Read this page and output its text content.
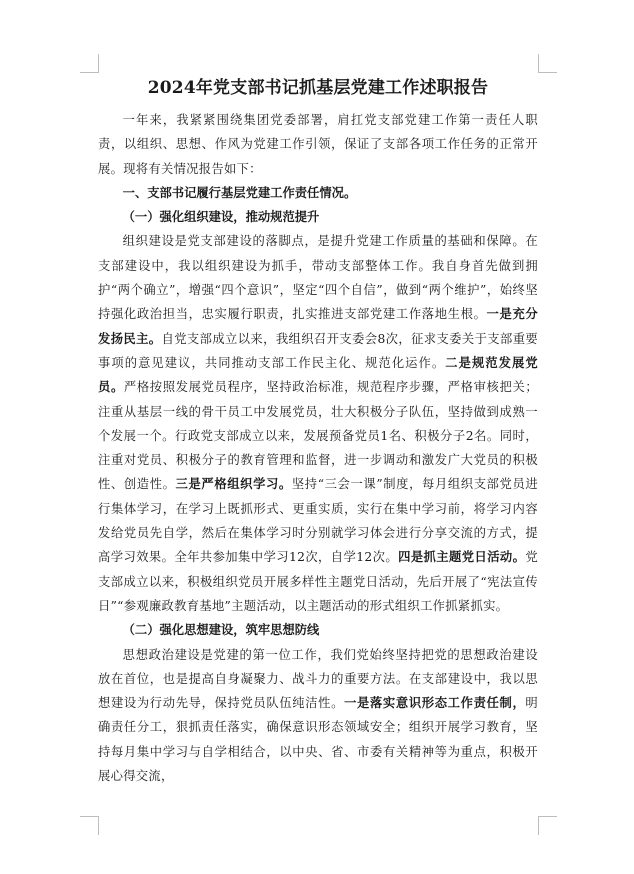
2024年党支部书记抓基层党建工作述职报告

一年来，我紧紧围绕集团党委部署，肩扛党支部党建工作第一责任人职责，以组织、思想、作风为党建工作引领，保证了支部各项工作任务的正常开展。现将有关情况报告如下：

一、支部书记履行基层党建工作责任情况。

（一）强化组织建设，推动规范提升

组织建设是党支部建设的落脚点，是提升党建工作质量的基础和保障。在支部建设中，我以组织建设为抓手，带动支部整体工作。我自身首先做到拥护“两个确立”，增强“四个意识”，坚定“四个自信”，做到“两个维护”，始终坚持强化政治担当，忠实履行职责，扎实推进支部党建工作落地生根。一是充分发扬民主。自党支部成立以来，我组织召开支委会8次，征求支委关于支部重要事项的意见建议，共同推动支部工作民主化、规范化运作。二是规范发展党员。严格按照发展党员程序，坚持政治标准，规范程序步骤，严格审核把关；注重从基层一线的骨干员工中发展党员，壮大积极分子队伍，坚持做到成熟一个发展一个。行政党支部成立以来，发展预备党员1名、积极分子2名。同时，注重对党员、积极分子的教育管理和监督，进一步调动和激发广大党员的积极性、创造性。三是严格组织学习。坚持“三会一课”制度，每月组织支部党员进行集体学习，在学习上既抓形式、更重实质，实行在集中学习前，将学习内容发给党员先自学，然后在集体学习时分别就学习体会进行分享交流的方式，提高学习效果。全年共参加集中学习12次，自学12次。四是抓主题党日活动。党支部成立以来，积极组织党员开展多样性主题党日活动，先后开展了“宪法宣传日”“参观廉政教育基地”主题活动，以主题活动的形式组织工作抓紧抓实。

（二）强化思想建设，筑牢思想防线

思想政治建设是党建的第一位工作，我们党始终坚持把党的思想政治建设放在首位，也是提高自身凝聚力、战斗力的重要方法。在支部建设中，我以思想建设为行动先导，保持党员队伍纯洁性。一是落实意识形态工作责任制，明确责任分工，狠抓责任落实，确保意识形态领域安全；组织开展学习教育，坚持每月集中学习与自学相结合，以中央、省、市委有关精神等为重点，积极开展心得交流，
